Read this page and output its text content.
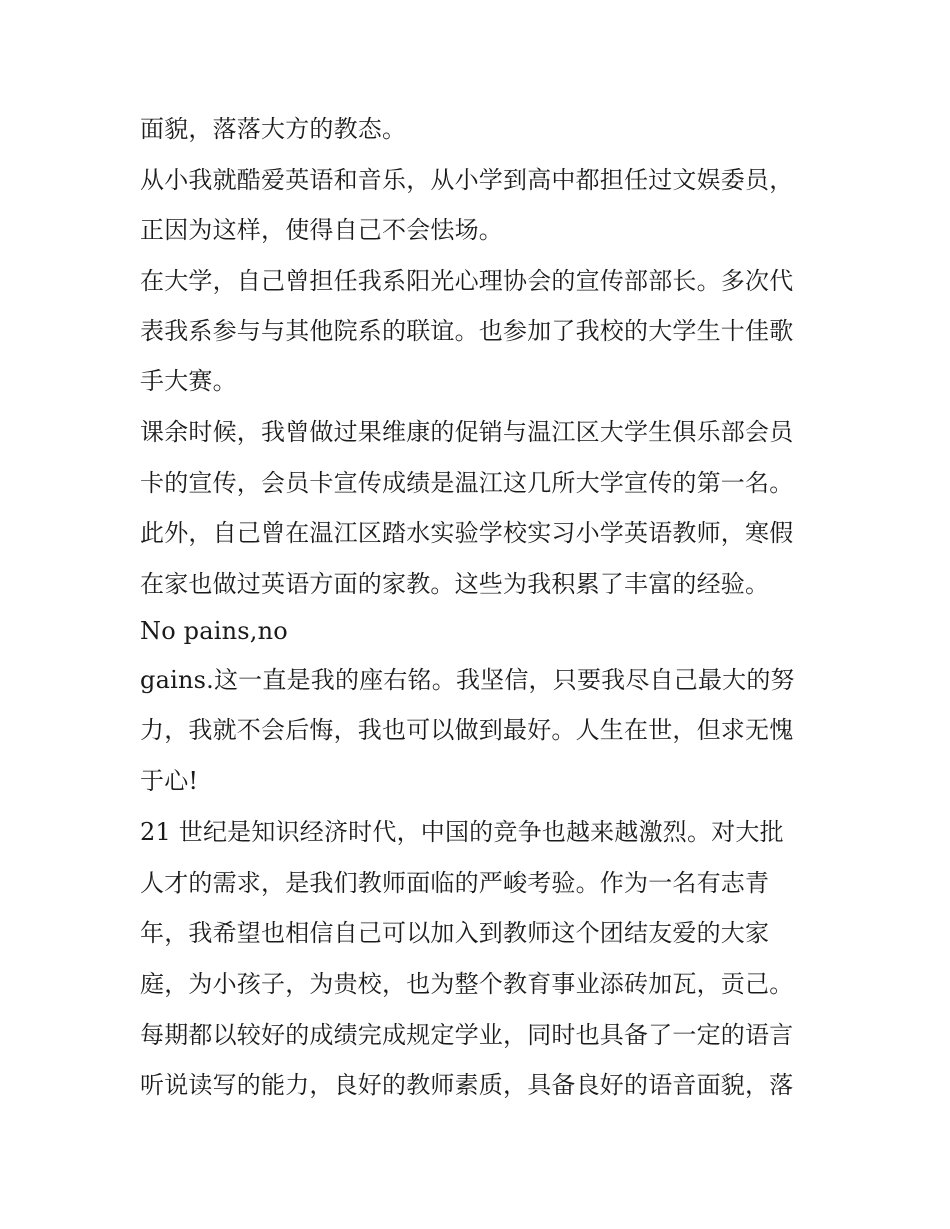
面貌，落落大方的教态。
从小我就酷爱英语和音乐，从小学到高中都担任过文娱委员，
正因为这样，使得自己不会怯场。
在大学，自己曾担任我系阳光心理协会的宣传部部长。多次代
表我系参与与其他院系的联谊。也参加了我校的大学生十佳歌
手大赛。
课余时候，我曾做过果维康的促销与温江区大学生俱乐部会员
卡的宣传，会员卡宣传成绩是温江这几所大学宣传的第一名。
此外，自己曾在温江区踏水实验学校实习小学英语教师，寒假
在家也做过英语方面的家教。这些为我积累了丰富的经验。
No pains,no
gains.这一直是我的座右铭。我坚信，只要我尽自己最大的努
力，我就不会后悔，我也可以做到最好。人生在世，但求无愧
于心!
21 世纪是知识经济时代，中国的竞争也越来越激烈。对大批
人才的需求，是我们教师面临的严峻考验。作为一名有志青
年，我希望也相信自己可以加入到教师这个团结友爱的大家
庭，为小孩子，为贵校，也为整个教育事业添砖加瓦，贡己。
每期都以较好的成绩完成规定学业，同时也具备了一定的语言
听说读写的能力，良好的教师素质，具备良好的语音面貌，落
